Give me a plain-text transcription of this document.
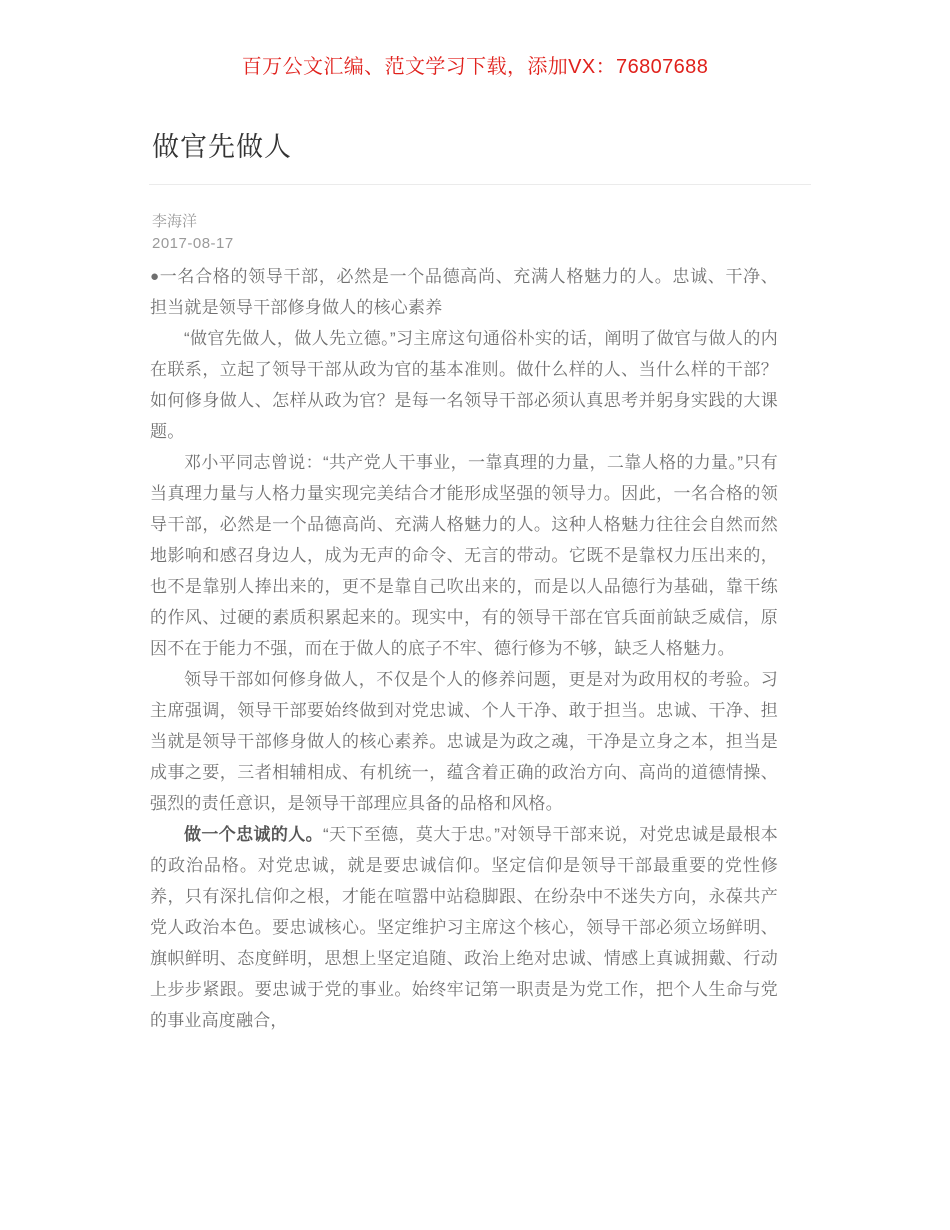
百万公文汇编、范文学习下载，添加VX：76807688
做官先做人
李海洋
2017-08-17

●一名合格的领导干部，必然是一个品德高尚、充满人格魅力的人。忠诚、干净、担当就是领导干部修身做人的核心素养

“做官先做人，做人先立德。”习主席这句通俗朴实的话，阐明了做官与做人的内在联系，立起了领导干部从政为官的基本准则。做什么样的人、当什么样的干部？如何修身做人、怎样从政为官？是每一名领导干部必须认真思考并躬身实践的大课题。

邓小平同志曾说：“共产党人干事业，一靠真理的力量，二靠人格的力量。”只有当真理力量与人格力量实现完美结合才能形成坚强的领导力。因此，一名合格的领导干部，必然是一个品德高尚、充满人格魅力的人。这种人格魅力往往会自然而然地影响和感召身边人，成为无声的命令、无言的带动。它既不是靠权力压出来的，也不是靠别人捧出来的，更不是靠自己吹出来的，而是以人品德行为基础，靠干练的作风、过硬的素质积累起来的。现实中，有的领导干部在官兵面前缺乏威信，原因不在于能力不强，而在于做人的底子不牢、德行修为不够，缺乏人格魅力。

领导干部如何修身做人，不仅是个人的修养问题，更是对为政用权的考验。习主席强调，领导干部要始终做到对党忠诚、个人干净、敢于担当。忠诚、干净、担当就是领导干部修身做人的核心素养。忠诚是为政之魂，干净是立身之本，担当是成事之要，三者相辅相成、有机统一，蕴含着正确的政治方向、高尚的道德情操、强烈的责任意识，是领导干部理应具备的品格和风格。

做一个忠诚的人。“天下至德，莫大于忠。”对领导干部来说，对党忠诚是最根本的政治品格。对党忠诚，就是要忠诚信仰。坚定信仰是领导干部最重要的党性修养，只有深扎信仰之根，才能在喧嚣中站稳脚跟、在纷杂中不迷失方向，永葆共产党人政治本色。要忠诚核心。坚定维护习主席这个核心，领导干部必须立场鲜明、旗帜鲜明、态度鲜明，思想上坚定追随、政治上绝对忠诚、情感上真诚拥戴、行动上步步紧跟。要忠诚于党的事业。始终牢记第一职责是为党工作，把个人生命与党的事业高度融合，
